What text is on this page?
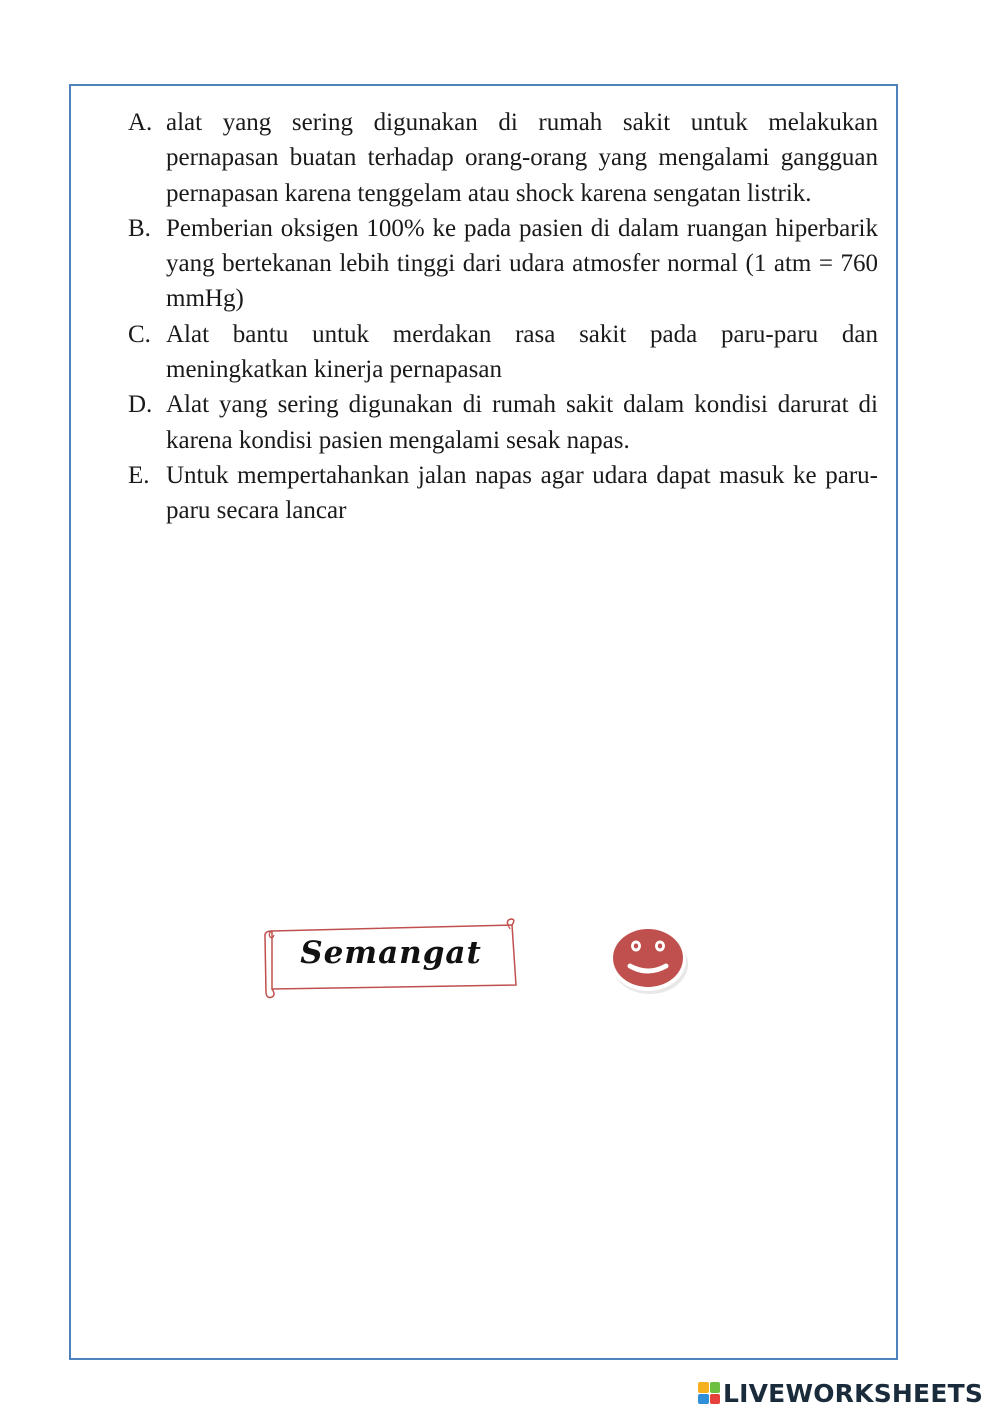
A. alat yang sering digunakan di rumah sakit untuk melakukan pernapasan buatan terhadap orang-orang yang mengalami gangguan pernapasan karena tenggelam atau shock karena sengatan listrik.
B. Pemberian oksigen 100% ke pada pasien di dalam ruangan hiperbarik yang bertekanan lebih tinggi dari udara atmosfer normal (1 atm = 760 mmHg)
C. Alat bantu untuk merdakan rasa sakit pada paru-paru dan meningkatkan kinerja pernapasan
D. Alat yang sering digunakan di rumah sakit dalam kondisi darurat di karena kondisi pasien mengalami sesak napas.
E. Untuk mempertahankan jalan napas agar udara dapat masuk ke paru-paru secara lancar
Semangat
LIVEWORKSHEETS
